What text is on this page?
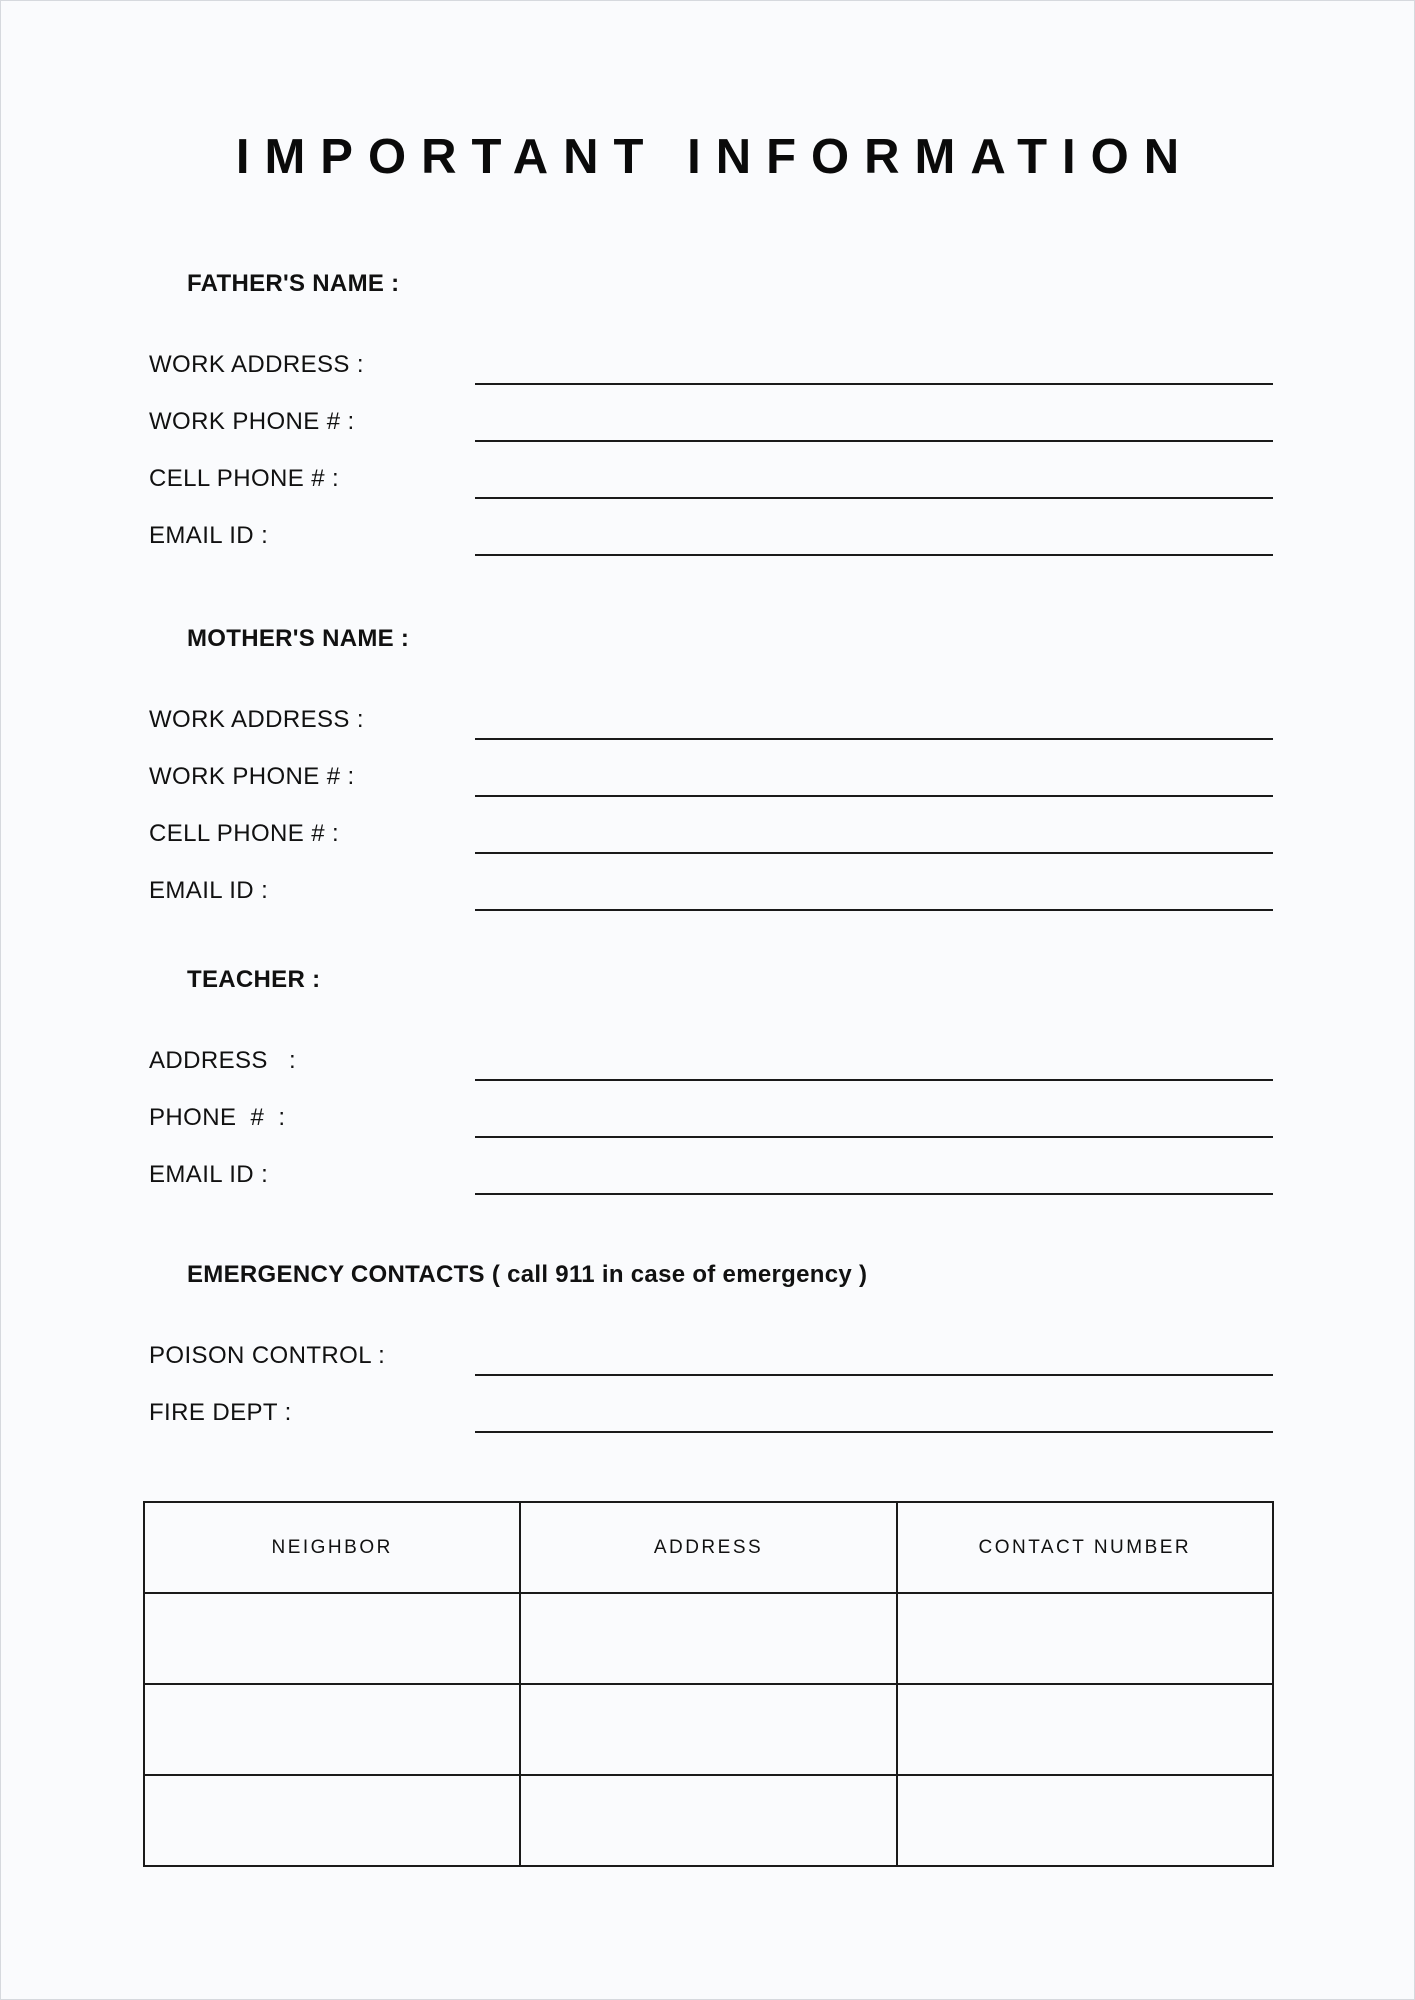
IMPORTANT INFORMATION
FATHER'S NAME :
WORK ADDRESS :
WORK PHONE # :
CELL PHONE # :
EMAIL ID :
MOTHER'S NAME :
WORK ADDRESS :
WORK PHONE # :
CELL PHONE # :
EMAIL ID :
TEACHER :
ADDRESS   :
PHONE  #  :
EMAIL ID :
EMERGENCY CONTACTS ( call 911 in case of emergency )
POISON CONTROL :
FIRE DEPT :
NEIGHBOR	ADDRESS	CONTACT NUMBER
